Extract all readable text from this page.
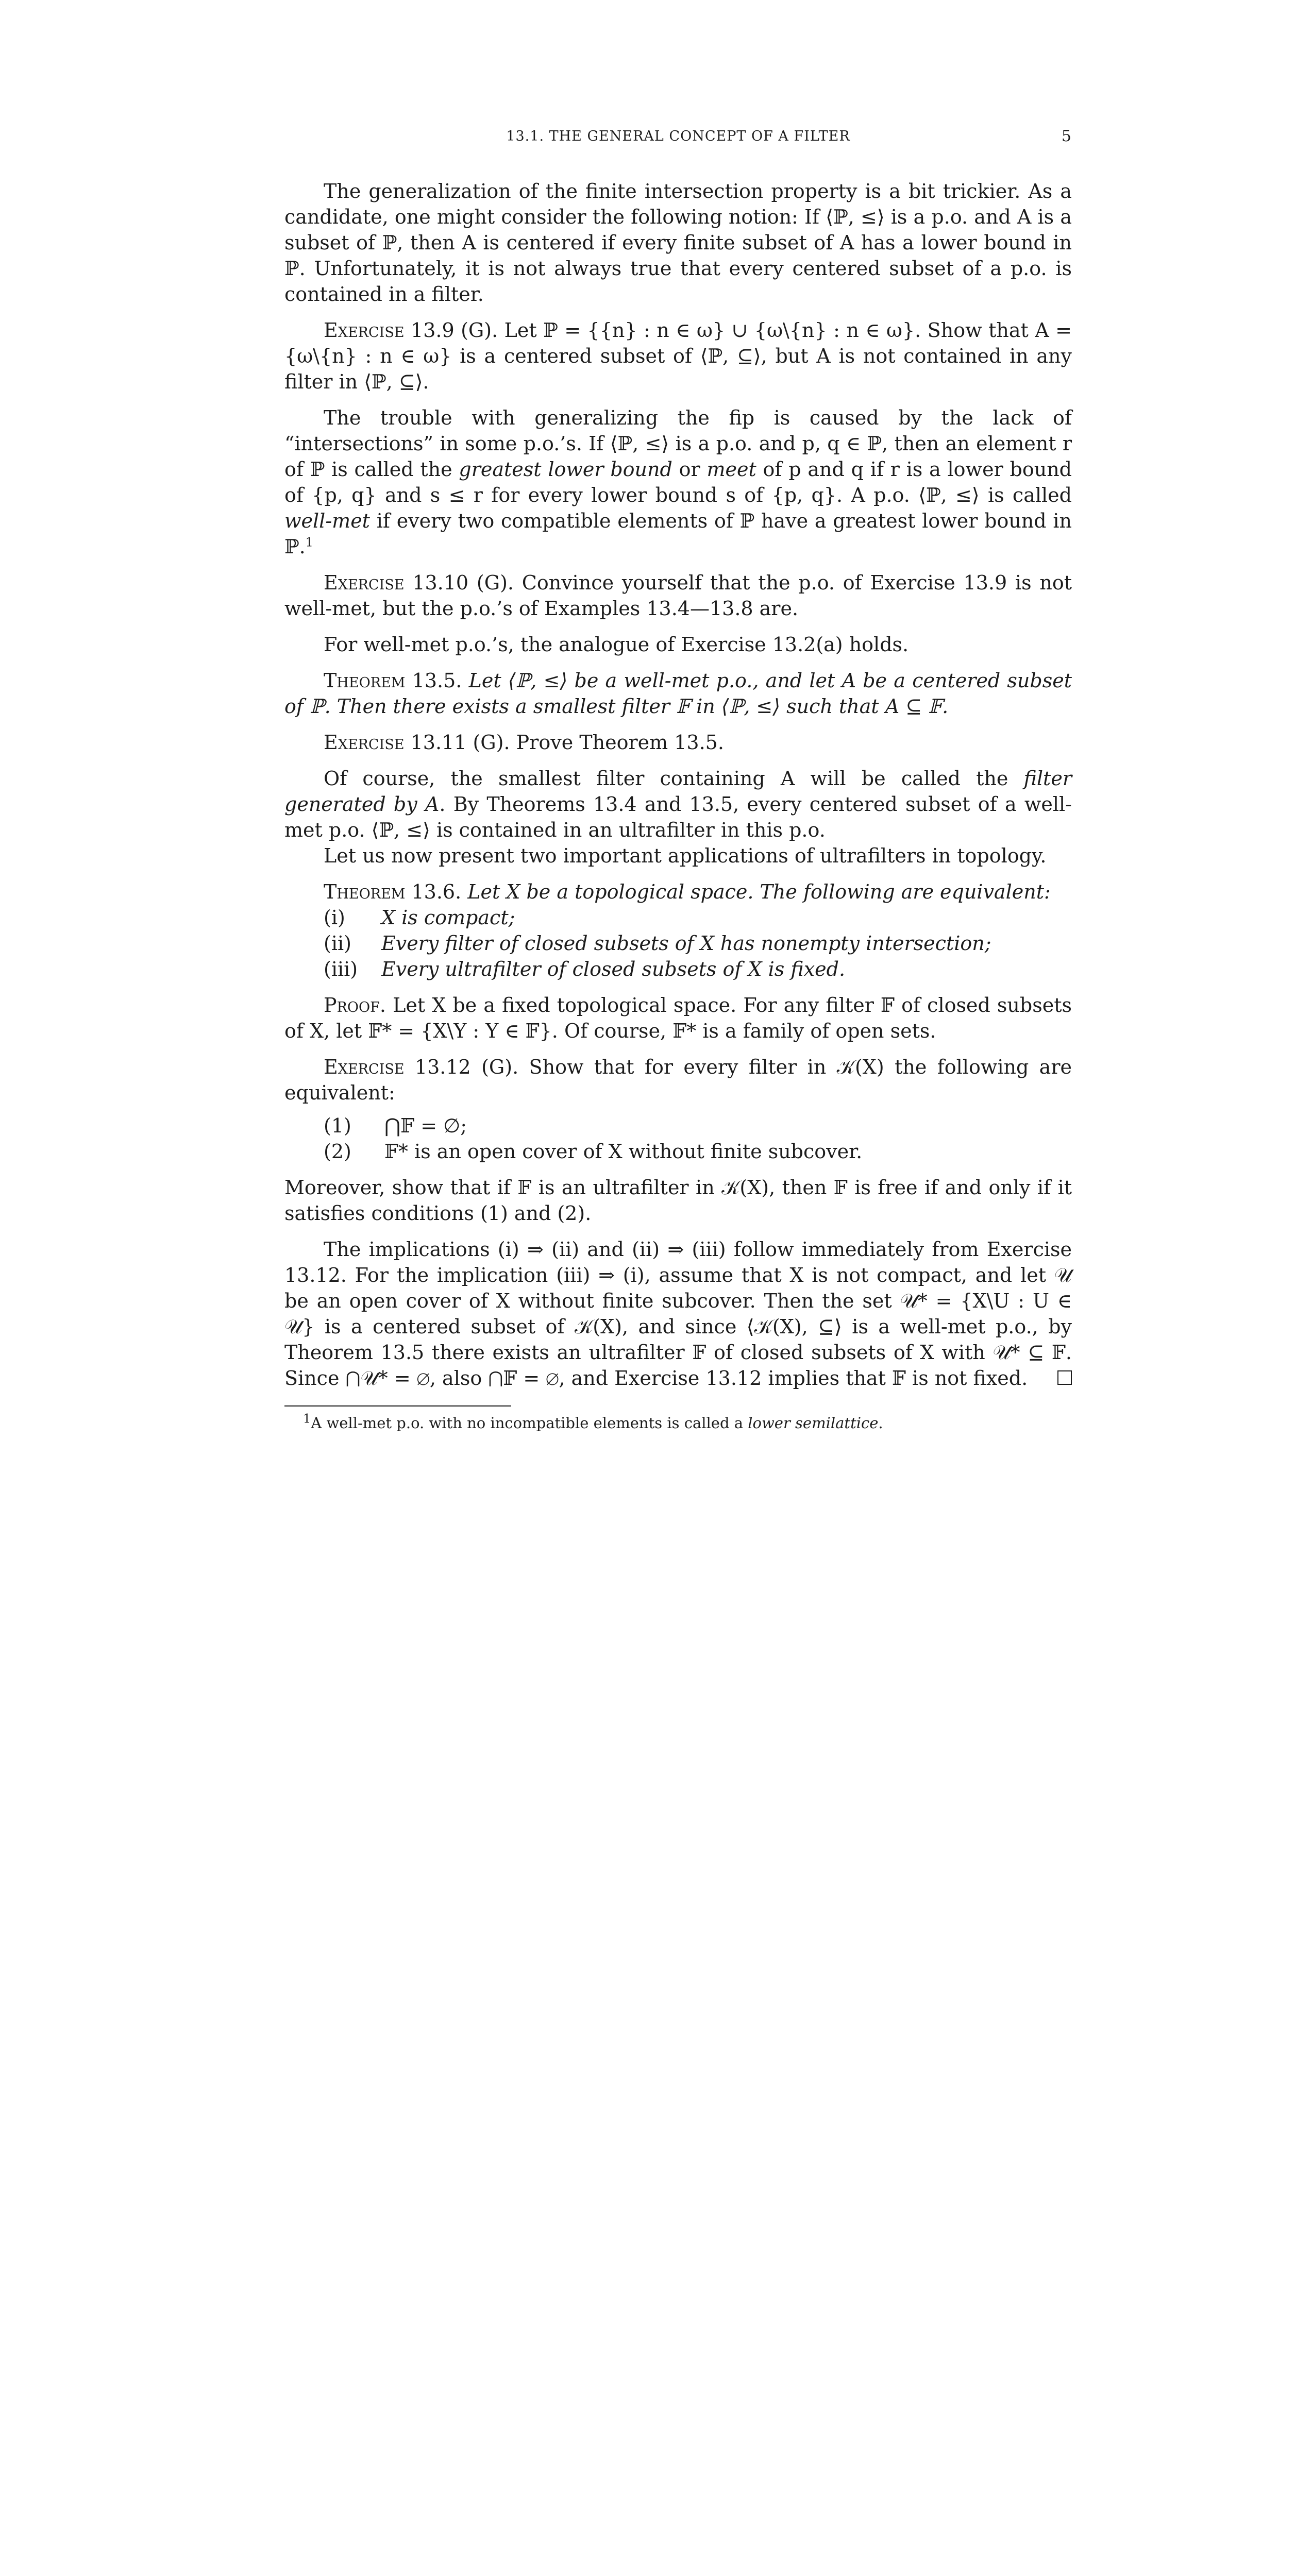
13.1. THE GENERAL CONCEPT OF A FILTER	5

The generalization of the finite intersection property is a bit trickier. As a candidate, one might consider the following notion: If ⟨ℙ, ≤⟩ is a p.o. and A is a subset of ℙ, then A is centered if every finite subset of A has a lower bound in ℙ. Unfortunately, it is not always true that every centered subset of a p.o. is contained in a filter.

Exercise 13.9 (G). Let ℙ = {{n} : n ∈ ω} ∪ {ω\{n} : n ∈ ω}. Show that A = {ω\{n} : n ∈ ω} is a centered subset of ⟨ℙ, ⊆⟩, but A is not contained in any filter in ⟨ℙ, ⊆⟩.

The trouble with generalizing the fip is caused by the lack of “intersections” in some p.o.’s. If ⟨ℙ, ≤⟩ is a p.o. and p, q ∈ ℙ, then an element r of ℙ is called the greatest lower bound or meet of p and q if r is a lower bound of {p, q} and s ≤ r for every lower bound s of {p, q}. A p.o. ⟨ℙ, ≤⟩ is called well-met if every two compatible elements of ℙ have a greatest lower bound in ℙ.$^1$

Exercise 13.10 (G). Convince yourself that the p.o. of Exercise 13.9 is not well-met, but the p.o.’s of Examples 13.4—13.8 are.

For well-met p.o.’s, the analogue of Exercise 13.2(a) holds.

Theorem 13.5. Let ⟨ℙ, ≤⟩ be a well-met p.o., and let A be a centered subset of ℙ. Then there exists a smallest filter 𝔽 in ⟨ℙ, ≤⟩ such that A ⊆ 𝔽.

Exercise 13.11 (G). Prove Theorem 13.5.

Of course, the smallest filter containing A will be called the filter generated by A. By Theorems 13.4 and 13.5, every centered subset of a well-met p.o. ⟨ℙ, ≤⟩ is contained in an ultrafilter in this p.o.

Let us now present two important applications of ultrafilters in topology.

Theorem 13.6. Let X be a topological space. The following are equivalent:

(i)	X is compact;
(ii)	Every filter of closed subsets of X has nonempty intersection;
(iii)	Every ultrafilter of closed subsets of X is fixed.

Proof. Let X be a fixed topological space. For any filter 𝔽 of closed subsets of X, let 𝔽* = {X\Y : Y ∈ 𝔽}. Of course, 𝔽* is a family of open sets.

Exercise 13.12 (G). Show that for every filter in 𝒦(X) the following are equivalent:

(1)	⋂𝔽 = ∅;
(2)	𝔽* is an open cover of X without finite subcover.

Moreover, show that if 𝔽 is an ultrafilter in 𝒦(X), then 𝔽 is free if and only if it satisfies conditions (1) and (2).

The implications (i) ⇒ (ii) and (ii) ⇒ (iii) follow immediately from Exercise 13.12. For the implication (iii) ⇒ (i), assume that X is not compact, and let 𝒰 be an open cover of X without finite subcover. Then the set 𝒰* = {X\U : U ∈ 𝒰} is a centered subset of 𝒦(X), and since ⟨𝒦(X), ⊆⟩ is a well-met p.o., by Theorem 13.5 there exists an ultrafilter 𝔽 of closed subsets of X with 𝒰* ⊆ 𝔽. Since ⋂𝒰* = ∅, also ⋂𝔽 = ∅, and Exercise 13.12 implies that 𝔽 is not fixed.

$^1$A well-met p.o. with no incompatible elements is called a lower semilattice.
